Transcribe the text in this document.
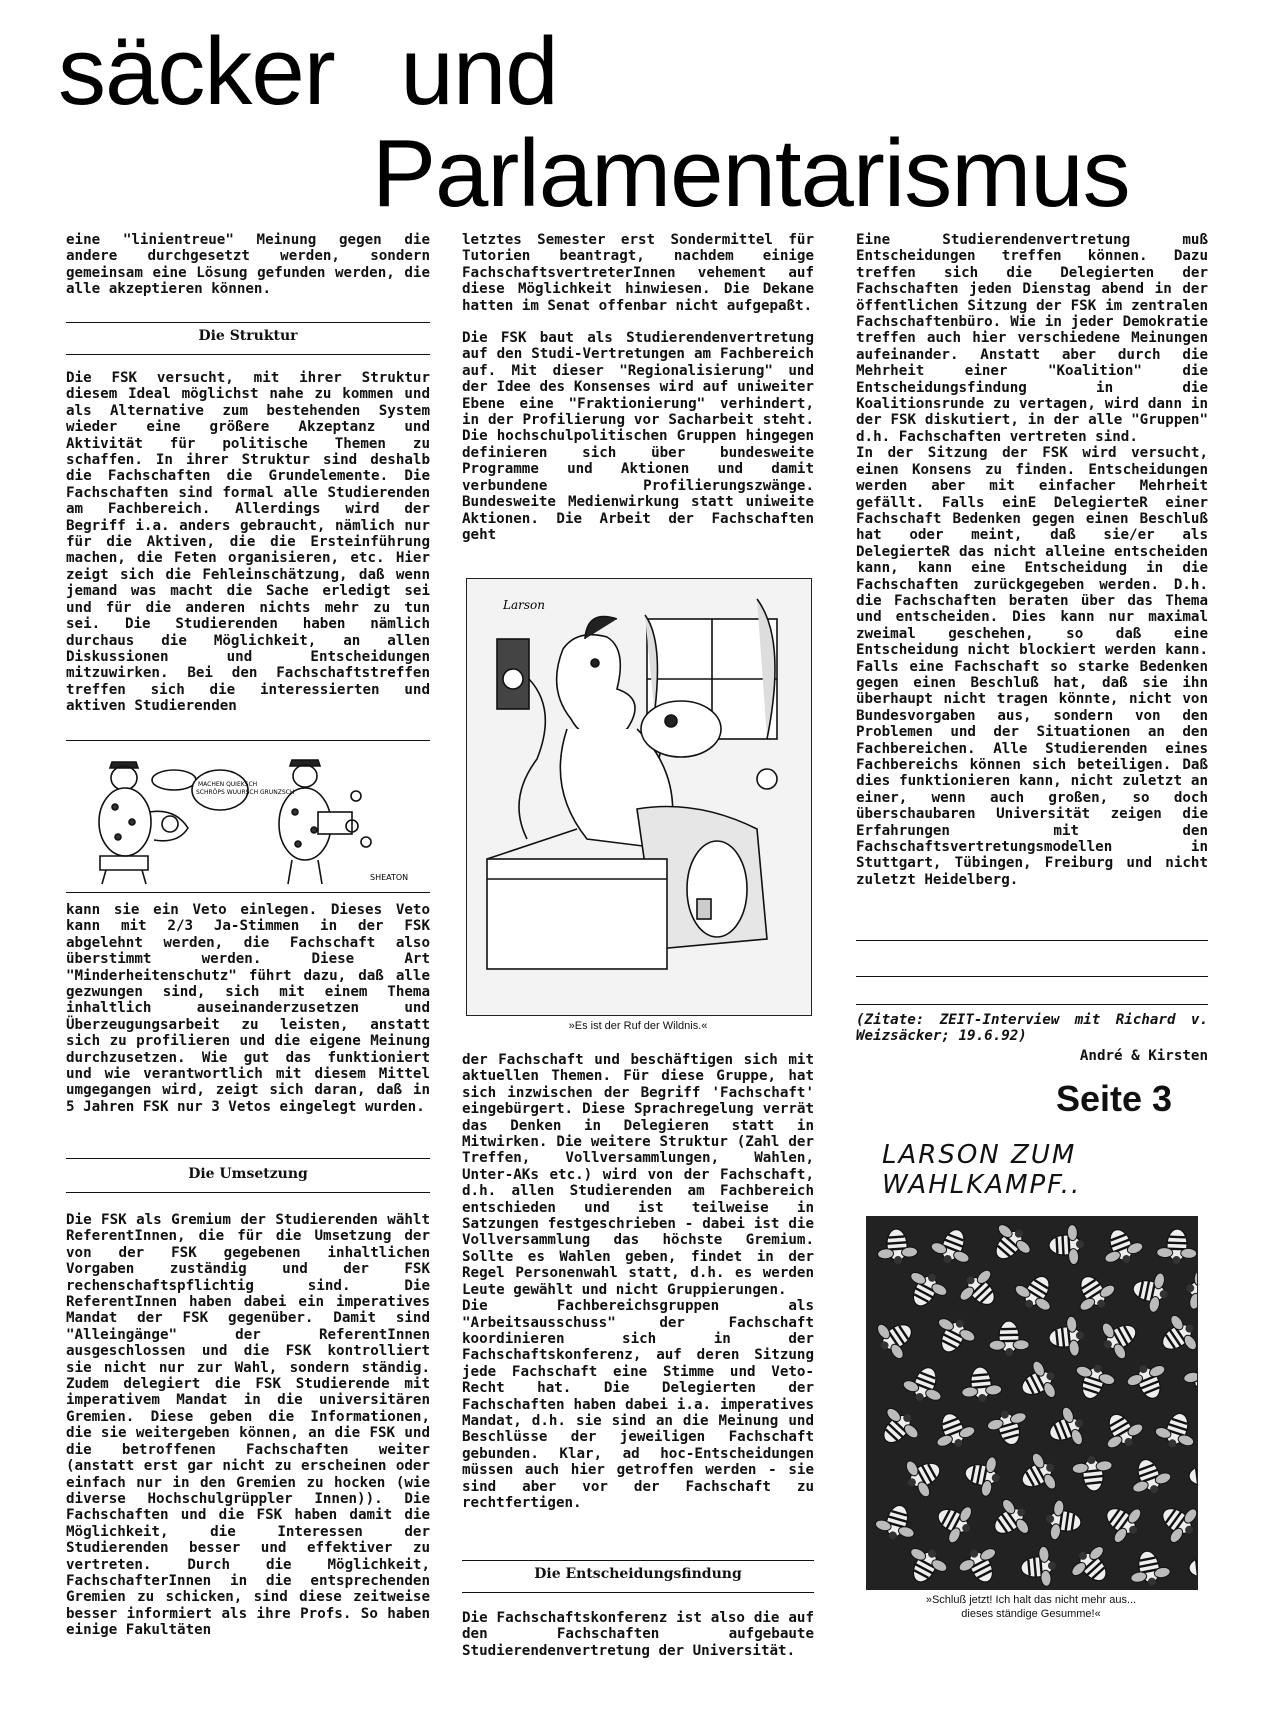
säcker und
Parlamentarismus

eine "linientreue" Meinung gegen die andere durchgesetzt werden, sondern gemeinsam eine Lösung gefunden werden, die alle akzeptieren können.

Die Struktur

Die FSK versucht, mit ihrer Struktur diesem Ideal möglichst nahe zu kommen und als Alternative zum bestehenden System wieder eine größere Akzeptanz und Aktivität für politische Themen zu schaffen. In ihrer Struktur sind deshalb die Fachschaften die Grundelemente. Die Fachschaften sind formal alle Studierenden am Fachbereich. Allerdings wird der Begriff i.a. anders gebraucht, nämlich nur für die Aktiven, die die Ersteinführung machen, die Feten organisieren, etc. Hier zeigt sich die Fehleinschätzung, daß wenn jemand was macht die Sache erledigt sei und für die anderen nichts mehr zu tun sei. Die Studierenden haben nämlich durchaus die Möglichkeit, an allen Diskussionen und Entscheidungen mitzuwirken. Bei den Fachschaftstreffen treffen sich die interessierten und aktiven Studierenden

MACHEN QUIEKSCH
SCHRÖPS WUURSCH GRUNZSCH
SHEATON

kann sie ein Veto einlegen. Dieses Veto kann mit 2/3 Ja-Stimmen in der FSK abgelehnt werden, die Fachschaft also überstimmt werden. Diese Art "Minderheitenschutz" führt dazu, daß alle gezwungen sind, sich mit einem Thema inhaltlich auseinanderzusetzen und Überzeugungsarbeit zu leisten, anstatt sich zu profilieren und die eigene Meinung durchzusetzen. Wie gut das funktioniert und wie verantwortlich mit diesem Mittel umgegangen wird, zeigt sich daran, daß in 5 Jahren FSK nur 3 Vetos eingelegt wurden.

Die Umsetzung

Die FSK als Gremium der Studierenden wählt ReferentInnen, die für die Umsetzung der von der FSK gegebenen inhaltlichen Vorgaben zuständig und der FSK rechenschaftspflichtig sind. Die ReferentInnen haben dabei ein imperatives Mandat der FSK gegenüber. Damit sind "Alleingänge" der ReferentInnen ausgeschlossen und die FSK kontrolliert sie nicht nur zur Wahl, sondern ständig. Zudem delegiert die FSK Studierende mit imperativem Mandat in die universitären Gremien. Diese geben die Informationen, die sie weitergeben können, an die FSK und die betroffenen Fachschaften weiter (anstatt erst gar nicht zu erscheinen oder einfach nur in den Gremien zu hocken (wie diverse Hochschulgrüppler Innen)). Die Fachschaften und die FSK haben damit die Möglichkeit, die Interessen der Studierenden besser und effektiver zu vertreten. Durch die Möglichkeit, FachschafterInnen in die entsprechenden Gremien zu schicken, sind diese zeitweise besser informiert als ihre Profs. So haben einige Fakultäten

letztes Semester erst Sondermittel für Tutorien beantragt, nachdem einige FachschaftsvertreterInnen vehement auf diese Möglichkeit hinwiesen. Die Dekane hatten im Senat offenbar nicht aufgepaßt.

Die FSK baut als Studierendenvertretung auf den Studi-Vertretungen am Fachbereich auf. Mit dieser "Regionalisierung" und der Idee des Konsenses wird auf uniweiter Ebene eine "Fraktionierung" verhindert, in der Profilierung vor Sacharbeit steht. Die hochschulpolitischen Gruppen hingegen definieren sich über bundesweite Programme und Aktionen und damit verbundene Profilierungszwänge. Bundesweite Medienwirkung statt uniweite Aktionen. Die Arbeit der Fachschaften geht

Larson
»Es ist der Ruf der Wildnis.«

der Fachschaft und beschäftigen sich mit aktuellen Themen. Für diese Gruppe, hat sich inzwischen der Begriff 'Fachschaft' eingebürgert. Diese Sprachregelung verrät das Denken in Delegieren statt in Mitwirken. Die weitere Struktur (Zahl der Treffen, Vollversammlungen, Wahlen, Unter-AKs etc.) wird von der Fachschaft, d.h. allen Studierenden am Fachbereich entschieden und ist teilweise in Satzungen festgeschrieben - dabei ist die Vollversammlung das höchste Gremium. Sollte es Wahlen geben, findet in der Regel Personenwahl statt, d.h. es werden Leute gewählt und nicht Gruppierungen.

Die Fachbereichsgruppen als "Arbeitsausschuss" der Fachschaft koordinieren sich in der Fachschaftskonferenz, auf deren Sitzung jede Fachschaft eine Stimme und Veto-Recht hat. Die Delegierten der Fachschaften haben dabei i.a. imperatives Mandat, d.h. sie sind an die Meinung und Beschlüsse der jeweiligen Fachschaft gebunden. Klar, ad hoc-Entscheidungen müssen auch hier getroffen werden - sie sind aber vor der Fachschaft zu rechtfertigen.

Die Entscheidungsfindung

Die Fachschaftskonferenz ist also die auf den Fachschaften aufgebaute Studierendenvertretung der Universität.

Eine Studierendenvertretung muß Entscheidungen treffen können. Dazu treffen sich die Delegierten der Fachschaften jeden Dienstag abend in der öffentlichen Sitzung der FSK im zentralen Fachschaftenbüro. Wie in jeder Demokratie treffen auch hier verschiedene Meinungen aufeinander. Anstatt aber durch die Mehrheit einer "Koalition" die Entscheidungsfindung in die Koalitionsrunde zu vertagen, wird dann in der FSK diskutiert, in der alle "Gruppen" d.h. Fachschaften vertreten sind.

In der Sitzung der FSK wird versucht, einen Konsens zu finden. Entscheidungen werden aber mit einfacher Mehrheit gefällt. Falls einE DelegierteR einer Fachschaft Bedenken gegen einen Beschluß hat oder meint, daß sie/er als DelegierteR das nicht alleine entscheiden kann, kann eine Entscheidung in die Fachschaften zurückgegeben werden. D.h. die Fachschaften beraten über das Thema und entscheiden. Dies kann nur maximal zweimal geschehen, so daß eine Entscheidung nicht blockiert werden kann. Falls eine Fachschaft so starke Bedenken gegen einen Beschluß hat, daß sie ihn überhaupt nicht tragen könnte, nicht von Bundesvorgaben aus, sondern von den Problemen und der Situationen an den Fachbereichen. Alle Studierenden eines Fachbereichs können sich beteiligen. Daß dies funktionieren kann, nicht zuletzt an einer, wenn auch großen, so doch überschaubaren Universität zeigen die Erfahrungen mit den Fachschaftsvertretungsmodellen in Stuttgart, Tübingen, Freiburg und nicht zuletzt Heidelberg.

(Zitate: ZEIT-Interview mit Richard v. Weizsäcker; 19.6.92)
André & Kirsten
Seite 3
LARSON ZUM WAHLKAMPF..
»Schluß jetzt! Ich halt das nicht mehr aus...
dieses ständige Gesumme!«
